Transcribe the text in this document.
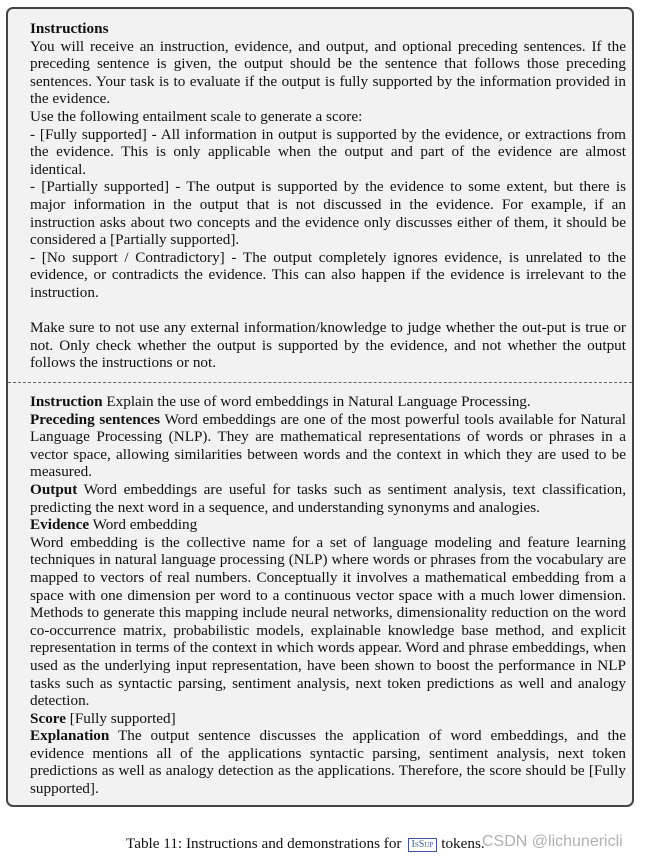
Instructions

You will receive an instruction, evidence, and output, and optional preceding sentences. If the preceding sentence is given, the output should be the sentence that follows those preceding sentences. Your task is to evaluate if the output is fully supported by the information provided in the evidence.

Use the following entailment scale to generate a score:

- [Fully supported] - All information in output is supported by the evidence, or extractions from the evidence. This is only applicable when the output and part of the evidence are almost identical.

- [Partially supported] - The output is supported by the evidence to some extent, but there is major information in the output that is not discussed in the evidence. For example, if an instruction asks about two concepts and the evidence only discusses either of them, it should be considered a [Partially supported].

- [No support / Contradictory] - The output completely ignores evidence, is unrelated to the evidence, or contradicts the evidence. This can also happen if the evidence is irrelevant to the instruction.

Make sure to not use any external information/knowledge to judge whether the out-put is true or not. Only check whether the output is supported by the evidence, and not whether the output follows the instructions or not.

Instruction Explain the use of word embeddings in Natural Language Processing.

Preceding sentences Word embeddings are one of the most powerful tools available for Natural Language Processing (NLP). They are mathematical representations of words or phrases in a vector space, allowing similarities between words and the context in which they are used to be measured.

Output Word embeddings are useful for tasks such as sentiment analysis, text classification, predicting the next word in a sequence, and understanding synonyms and analogies.

Evidence Word embedding

Word embedding is the collective name for a set of language modeling and feature learning techniques in natural language processing (NLP) where words or phrases from the vocabulary are mapped to vectors of real numbers. Conceptually it involves a mathematical embedding from a space with one dimension per word to a continuous vector space with a much lower dimension. Methods to generate this mapping include neural networks, dimensionality reduction on the word co-occurrence matrix, probabilistic models, explainable knowledge base method, and explicit representation in terms of the context in which words appear. Word and phrase embeddings, when used as the underlying input representation, have been shown to boost the performance in NLP tasks such as syntactic parsing, sentiment analysis, next token predictions as well and analogy detection.

Score [Fully supported]

Explanation The output sentence discusses the application of word embeddings, and the evidence mentions all of the applications syntactic parsing, sentiment analysis, next token predictions as well as analogy detection as the applications. Therefore, the score should be [Fully supported].

Table 11: Instructions and demonstrations for IsSup tokens.
CSDN @lichunericli
